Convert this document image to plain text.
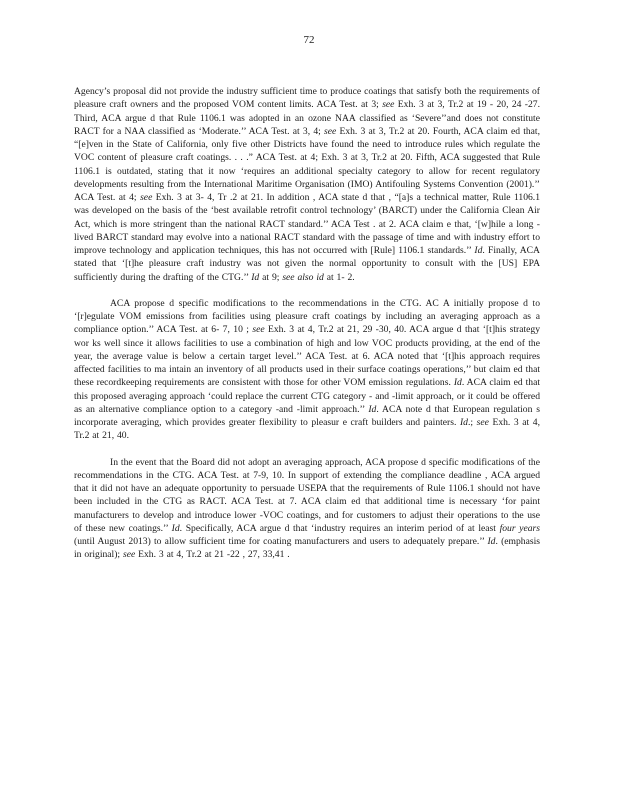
72

Agency’s proposal did not provide the industry sufficient time to produce coatings that satisfy both the requirements of pleasure craft owners and the proposed VOM content limits. ACA Test. at 3; see Exh. 3 at 3, Tr.2 at 19 - 20, 24 -27. Third, ACA argue d that Rule 1106.1 was adopted in an ozone NAA classified as ‘Severe’’and does not constitute RACT for a NAA classified as ‘Moderate.’’ ACA Test. at 3, 4; see Exh. 3 at 3, Tr.2 at 20. Fourth, ACA claim ed that, “[e]ven in the State of California, only five other Districts have found the need to introduce rules which regulate the VOC content of pleasure craft coatings. . . .” ACA Test. at 4; Exh. 3 at 3, Tr.2 at 20. Fifth, ACA suggested that Rule 1106.1 is outdated, stating that it now ‘requires an additional specialty category to allow for recent regulatory developments resulting from the International Maritime Organisation (IMO) Antifouling Systems Convention (2001).’’ ACA Test. at 4; see Exh. 3 at 3- 4, Tr .2 at 21. In addition , ACA state d that , “[a]s a technical matter, Rule 1106.1 was developed on the basis of the ‘best available retrofit control technology’ (BARCT) under the California Clean Air Act, which is more stringent than the national RACT standard.’’ ACA Test . at 2. ACA claim e that, ‘[w]hile a long -lived BARCT standard may evolve into a national RACT standard with the passage of time and with industry effort to improve technology and application techniques, this has not occurred with [Rule] 1106.1 standards.’’ Id. Finally, ACA stated that ‘[t]he pleasure craft industry was not given the normal opportunity to consult with the [US] EPA sufficiently during the drafting of the CTG.’’ Id at 9; see also id at 1- 2.

ACA propose d specific modifications to the recommendations in the CTG. AC A initially propose d to ‘[r]egulate VOM emissions from facilities using pleasure craft coatings by including an averaging approach as a compliance option.’’ ACA Test. at 6- 7, 10 ; see Exh. 3 at 4, Tr.2 at 21, 29 -30, 40. ACA argue d that ‘[t]his strategy wor ks well since it allows facilities to use a combination of high and low VOC products providing, at the end of the year, the average value is below a certain target level.’’ ACA Test. at 6. ACA noted that ‘[t]his approach requires affected facilities to ma intain an inventory of all products used in their surface coatings operations,’’ but claim ed that these recordkeeping requirements are consistent with those for other VOM emission regulations. Id. ACA claim ed that this proposed averaging approach ‘could replace the current CTG category - and -limit approach, or it could be offered as an alternative compliance option to a category -and -limit approach.’’ Id. ACA note d that European regulation s incorporate averaging, which provides greater flexibility to pleasur e craft builders and painters. Id.; see Exh. 3 at 4, Tr.2 at 21, 40.

In the event that the Board did not adopt an averaging approach, ACA propose d specific modifications of the recommendations in the CTG. ACA Test. at 7-9, 10. In support of extending the compliance deadline , ACA argued that it did not have an adequate opportunity to persuade USEPA that the requirements of Rule 1106.1 should not have been included in the CTG as RACT. ACA Test. at 7. ACA claim ed that additional time is necessary ‘for paint manufacturers to develop and introduce lower -VOC coatings, and for customers to adjust their operations to the use of these new coatings.’’ Id. Specifically, ACA argue d that ‘industry requires an interim period of at least four years (until August 2013) to allow sufficient time for coating manufacturers and users to adequately prepare.’’ Id. (emphasis in original); see Exh. 3 at 4, Tr.2 at 21 -22 , 27, 33,41 .
